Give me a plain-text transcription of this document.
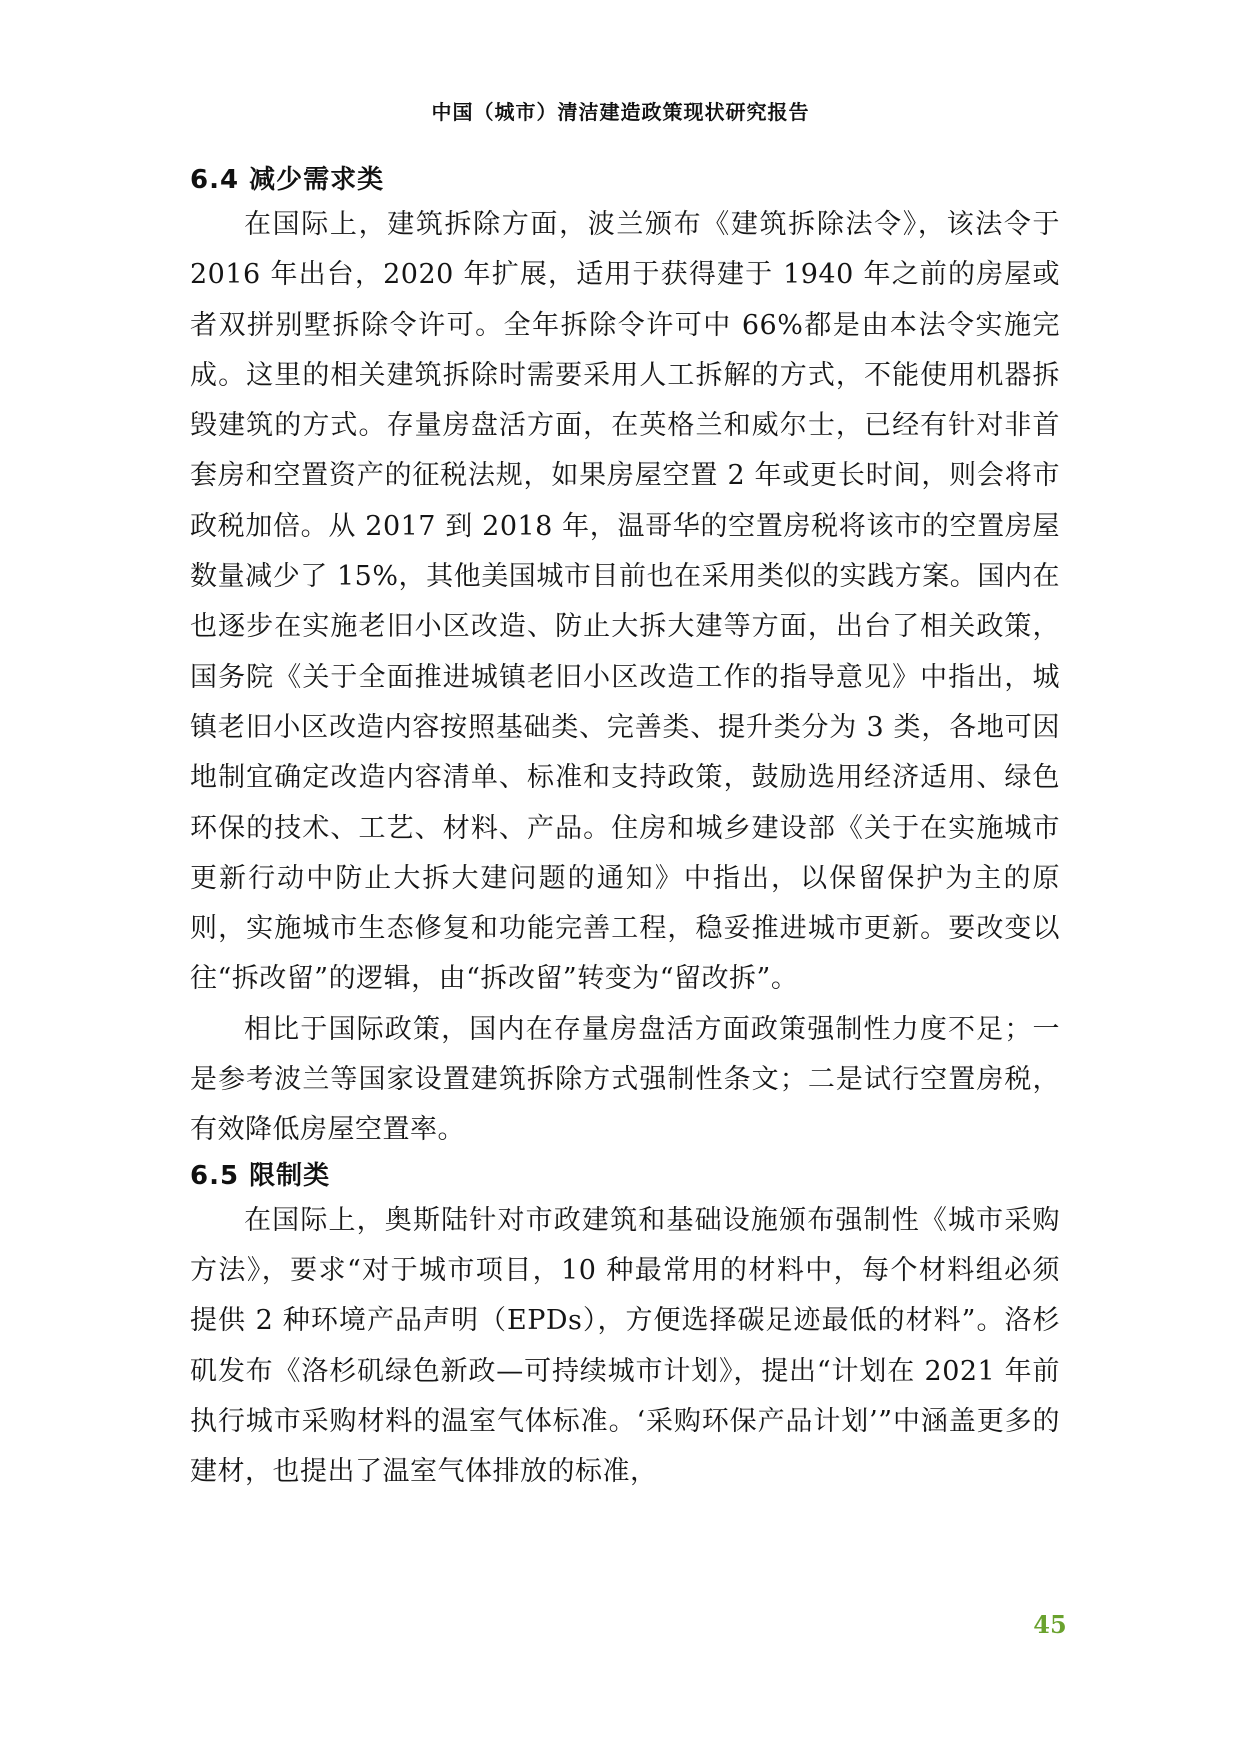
中国（城市）清洁建造政策现状研究报告
6.4 减少需求类

在国际上，建筑拆除方面，波兰颁布《建筑拆除法令》，该法令于 2016 年出台，2020 年扩展，适用于获得建于 1940 年之前的房屋或者双拼别墅拆除令许可。全年拆除令许可中 66%都是由本法令实施完成。这里的相关建筑拆除时需要采用人工拆解的方式，不能使用机器拆毁建筑的方式。存量房盘活方面，在英格兰和威尔士，已经有针对非首套房和空置资产的征税法规，如果房屋空置 2 年或更长时间，则会将市政税加倍。从 2017 到 2018 年，温哥华的空置房税将该市的空置房屋数量减少了 15%，其他美国城市目前也在采用类似的实践方案。国内在也逐步在实施老旧小区改造、防止大拆大建等方面，出台了相关政策，国务院《关于全面推进城镇老旧小区改造工作的指导意见》中指出，城镇老旧小区改造内容按照基础类、完善类、提升类分为 3 类，各地可因地制宜确定改造内容清单、标准和支持政策，鼓励选用经济适用、绿色环保的技术、工艺、材料、产品。住房和城乡建设部《关于在实施城市更新行动中防止大拆大建问题的通知》中指出，以保留保护为主的原则，实施城市生态修复和功能完善工程，稳妥推进城市更新。要改变以往“拆改留”的逻辑，由“拆改留”转变为“留改拆”。

相比于国际政策，国内在存量房盘活方面政策强制性力度不足；一是参考波兰等国家设置建筑拆除方式强制性条文；二是试行空置房税，有效降低房屋空置率。

6.5 限制类

在国际上，奥斯陆针对市政建筑和基础设施颁布强制性《城市采购方法》，要求“对于城市项目，10 种最常用的材料中，每个材料组必须提供 2 种环境产品声明（EPDs），方便选择碳足迹最低的材料”。洛杉矶发布《洛杉矶绿色新政—可持续城市计划》，提出“计划在 2021 年前执行城市采购材料的温室气体标准。‘采购环保产品计划’”中涵盖更多的建材，也提出了温室气体排放的标准，

45
